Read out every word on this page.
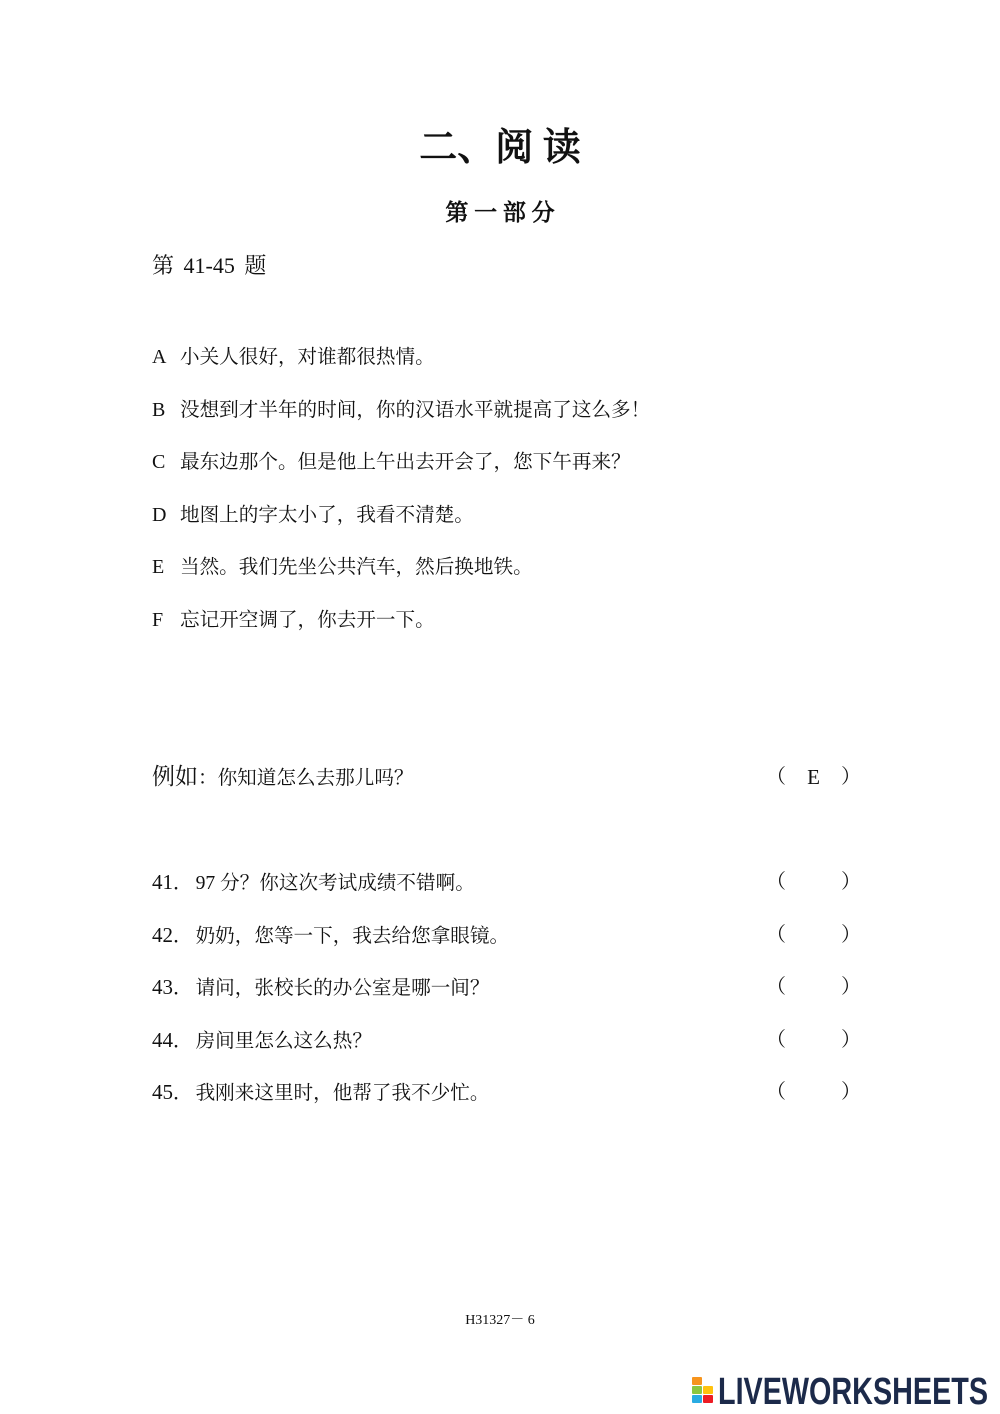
二、阅 读
第 一 部 分
第 41-45 题
A 小关人很好，对谁都很热情。
B 没想到才半年的时间，你的汉语水平就提高了这么多！
C 最东边那个。但是他上午出去开会了，您下午再来？
D 地图上的字太小了，我看不清楚。
E 当然。我们先坐公共汽车，然后换地铁。
F 忘记开空调了，你去开一下。
例如：你知道怎么去那儿吗？	（	E	）
41． 97 分？你这次考试成绩不错啊。	（	）
42． 奶奶，您等一下，我去给您拿眼镜。	（	）
43． 请问，张校长的办公室是哪一间？	（	）
44． 房间里怎么这么热？	（	）
45． 我刚来这里时，他帮了我不少忙。	（	）
H31327－ 6
LIVEWORKSHEETS
